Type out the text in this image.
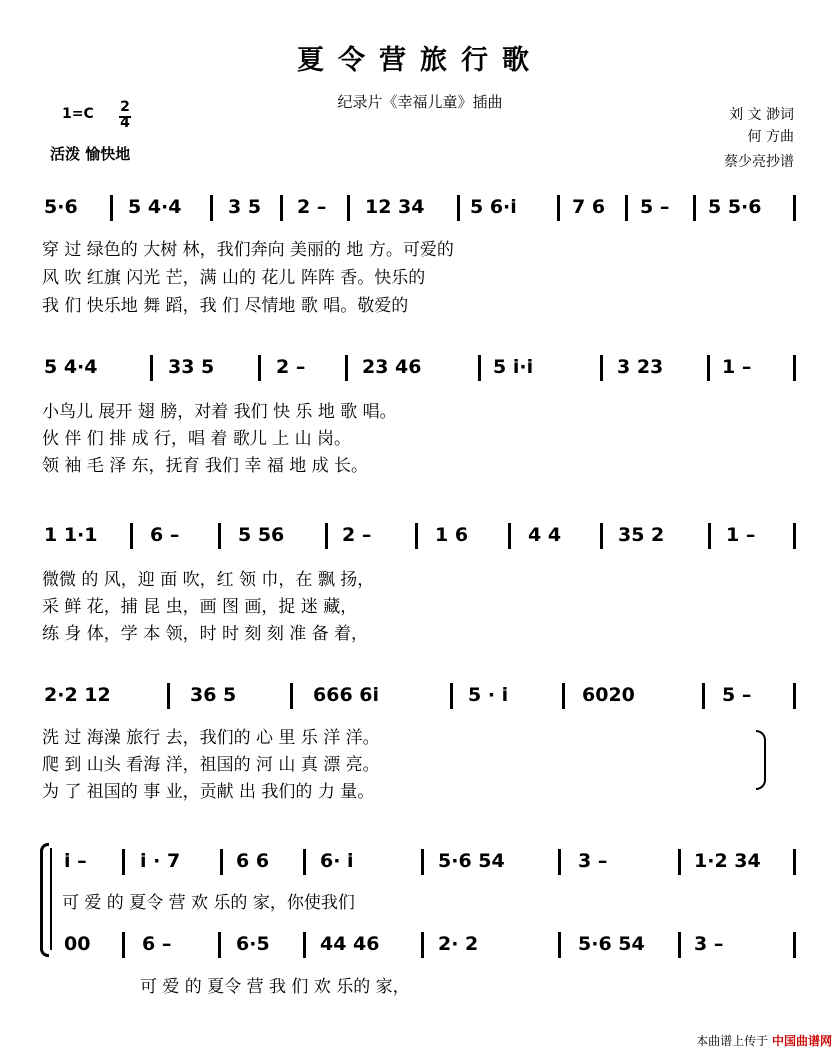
夏令营旅行歌
纪录片《幸福儿童》插曲
1=C 2
4
活泼 愉快地
刘 文 渺词
何 方曲
蔡少亮抄谱
5·6	5 4·4 3 5 2 – 12 34 5 6·i	7 6 5 – 5 5·6
穿 过 绿色的 大树 林，我们奔向 美丽的 地 方。可爱的
风 吹 红旗 闪光 芒，满 山的 花儿 阵阵 香。快乐的
我 们 快乐地 舞 蹈，我 们 尽情地 歌 唱。敬爱的
5 4·4	33 5	2 –	23 46	5 i·i	3 23	1 –
小鸟儿 展开 翅 膀，对着 我们 快 乐 地 歌 唱。
伙 伴 们 排 成 行，唱 着 歌儿 上 山 岗。
领 袖 毛 泽 东，抚育 我们 幸 福 地 成 长。
1 1·1	6 –	5 56	2 –	1 6	4 4	35 2	1 –
微微 的 风，迎 面 吹，红 领 巾，在 飘 扬，
采 鲜 花，捕 昆 虫，画 图 画，捉 迷 藏，
练 身 体，学 本 领，时 时 刻 刻 准 备 着，
2·2 12	36 5	666 6i	5 · i	6020	5 –
洗 过 海澡 旅行 去，我们的 心 里 乐 洋 洋。
爬 到 山头 看海 洋，祖国的 河 山 真 漂 亮。
为 了 祖国的 事 业，贡献 出 我们的 力 量。
i –	i · 7	6 6	6· i	5·6 54	3 –	1·2 34
可 爱 的 夏令 营 欢 乐的 家，你使我们
00	6 –	6·5	44 46	2· 2	5·6 54	3 –
可 爱 的 夏令 营 我 们 欢 乐的 家，
本曲谱上传于 中国曲谱网
